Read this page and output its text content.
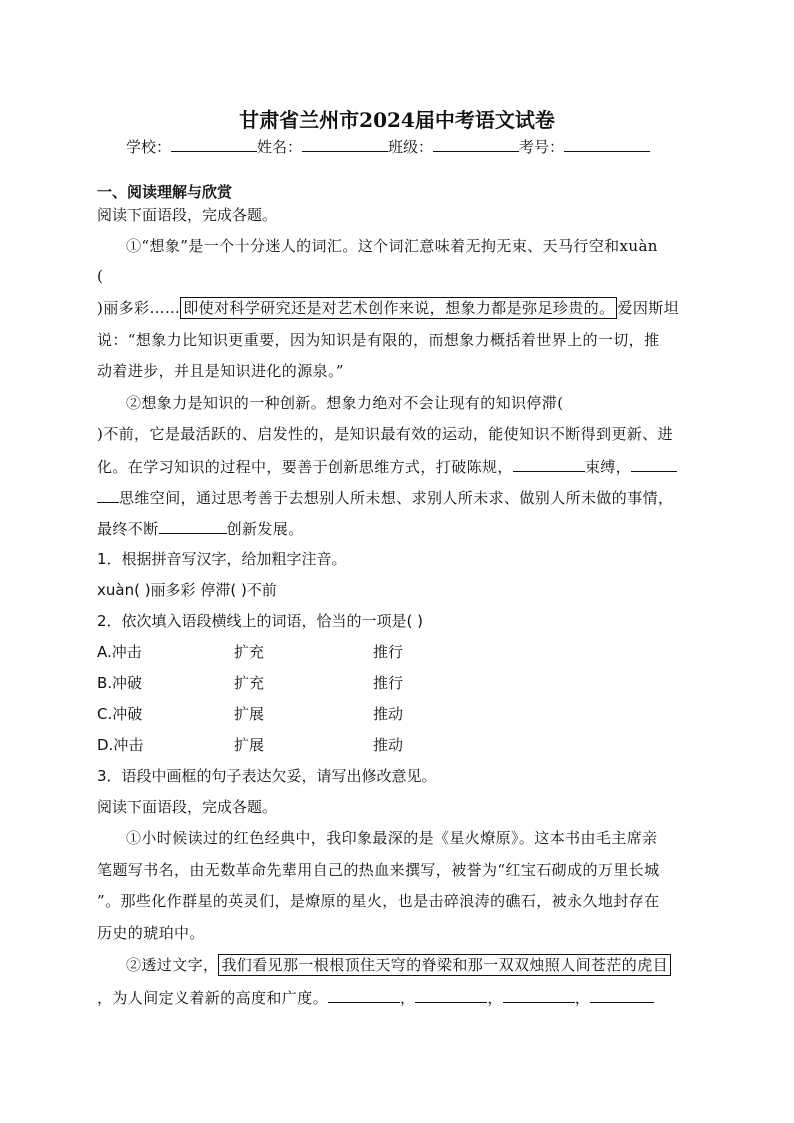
甘肃省兰州市2024届中考语文试卷
学校：	姓名：	班级：	考号：
一、阅读理解与欣赏
阅读下面语段，完成各题。
①“想象”是一个十分迷人的词汇。这个词汇意味着无拘无束、天马行空和xuàn
(
)丽多彩…… 即使对科学研究还是对艺术创作来说，想象力都是弥足珍贵的。 爱因斯坦
说：“想象力比知识更重要，因为知识是有限的，而想象力概括着世界上的一切，推
动着进步，并且是知识进化的源泉。”
②想象力是知识的一种创新。想象力绝对不会让现有的知识停滞(
)不前，它是最活跃的、启发性的，是知识最有效的运动，能使知识不断得到更新、进
化。在学习知识的过程中，要善于创新思维方式，打破陈规，	束缚，
思维空间，通过思考善于去想别人所未想、求别人所未求、做别人所未做的事情，
最终不断	创新发展。
1．根据拼音写汉字，给加粗字注音。
xuàn( )丽多彩 停滞( )不前
2．依次填入语段横线上的词语，恰当的一项是( )
A.冲击	扩充	推行
B.冲破	扩充	推行
C.冲破	扩展	推动
D.冲击	扩展	推动
3．语段中画框的句子表达欠妥，请写出修改意见。
阅读下面语段，完成各题。
①小时候读过的红色经典中，我印象最深的是《星火燎原》。这本书由毛主席亲
笔题写书名，由无数革命先辈用自己的热血来撰写，被誉为“红宝石砌成的万里长城
”。那些化作群星的英灵们，是燎原的星火，也是击碎浪涛的礁石，被永久地封存在
历史的琥珀中。
②透过文字， 我们看见那一根根顶住天穹的脊梁和那一双双烛照人间苍茫的虎目
，为人间定义着新的高度和广度。	，	，	，
